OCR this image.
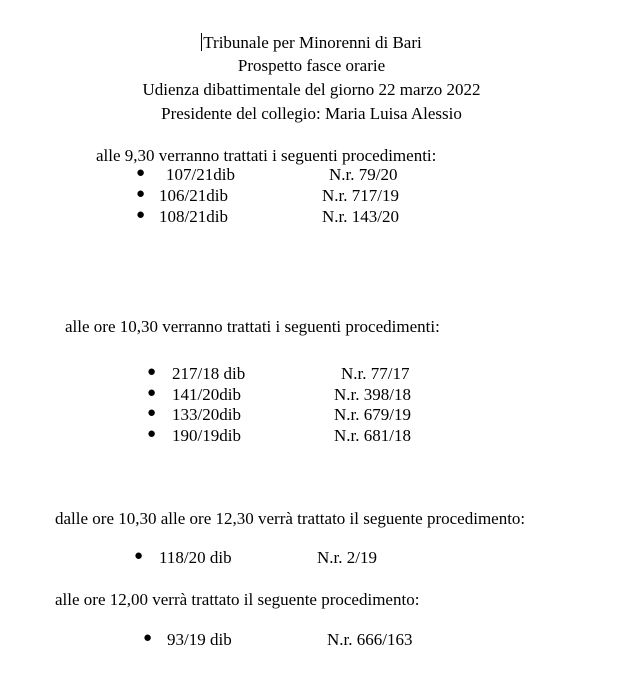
Tribunale per Minorenni di Bari
Prospetto fasce orarie
Udienza dibattimentale del giorno 22 marzo 2022
Presidente del collegio: Maria Luisa Alessio
alle 9,30 verranno trattati i seguenti procedimenti:
● 107/21dib	N.r. 79/20
● 106/21dib	N.r. 717/19
● 108/21dib	N.r. 143/20
alle ore 10,30 verranno trattati i seguenti procedimenti:
● 217/18 dib	N.r. 77/17
● 141/20dib	N.r. 398/18
● 133/20dib	N.r. 679/19
● 190/19dib	N.r. 681/18
dalle ore 10,30 alle ore 12,30 verrà trattato il seguente procedimento:
● 118/20 dib	N.r. 2/19
alle ore 12,00 verrà trattato il seguente procedimento:
● 93/19 dib	N.r. 666/163
